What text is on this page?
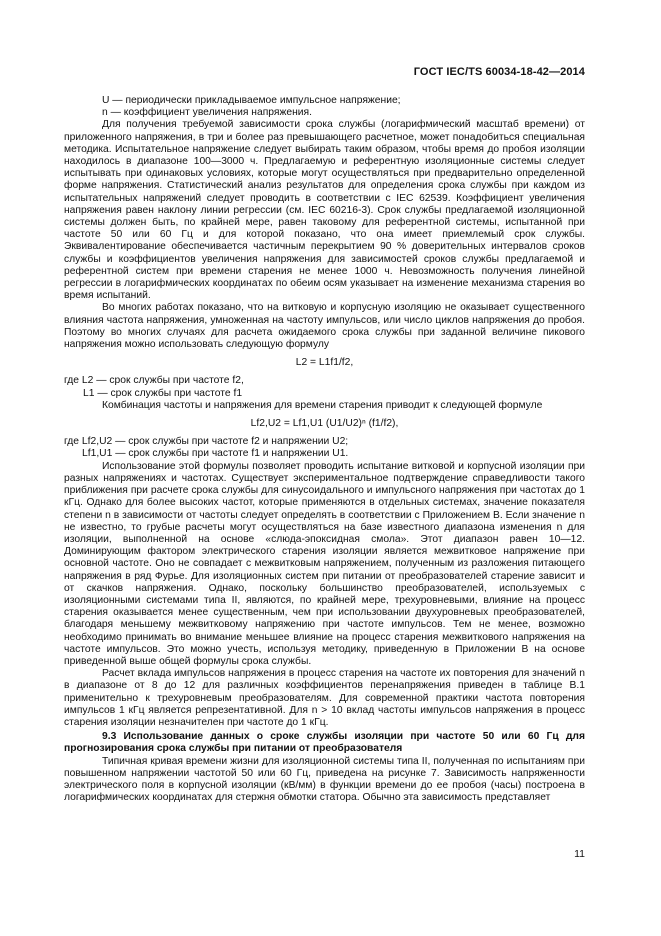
ГОСТ IEC/TS 60034-18-42—2014

U — периодически прикладываемое импульсное напряжение;

n — коэффициент увеличения напряжения.

Для получения требуемой зависимости срока службы (логарифмический масштаб времени) от приложенного напряжения, в три и более раз превышающего расчетное, может понадобиться специальная методика. Испытательное напряжение следует выбирать таким образом, чтобы время до пробоя изоляции находилось в диапазоне 100—3000 ч. Предлагаемую и референтную изоляционные системы следует испытывать при одинаковых условиях, которые могут осуществляться при предварительно определенной форме напряжения. Статистический анализ результатов для определения срока службы при каждом из испытательных напряжений следует проводить в соответствии с IEC 62539. Коэффициент увеличения напряжения равен наклону линии регрессии (см. IEC 60216-3). Срок службы предлагаемой изоляционной системы должен быть, по крайней мере, равен таковому для референтной системы, испытанной при частоте 50 или 60 Гц и для которой показано, что она имеет приемлемый срок службы. Эквивалентирование обеспечивается частичным перекрытием 90 % доверительных интервалов сроков службы и коэффициентов увеличения напряжения для зависимостей сроков службы предлагаемой и референтной систем при времени старения не менее 1000 ч. Невозможность получения линейной регрессии в логарифмических координатах по обеим осям указывает на изменение механизма старения во время испытаний.

Во многих работах показано, что на витковую и корпусную изоляцию не оказывает существенного влияния частота напряжения, умноженная на частоту импульсов, или число циклов напряжения до пробоя. Поэтому во многих случаях для расчета ожидаемого срока службы при заданной величине пикового напряжения можно использовать следующую формулу

L2 = L1f1/f2,

где L2 — срок службы при частоте f2,

L1 — срок службы при частоте f1

Комбинация частоты и напряжения для времени старения приводит к следующей формуле

Lf2,U2 = Lf1,U1 (U1/U2)ⁿ (f1/f2),

где Lf2,U2 — срок службы при частоте f2 и напряжении U2;

Lf1,U1 — срок службы при частоте f1 и напряжении U1.

Использование этой формулы позволяет проводить испытание витковой и корпусной изоляции при разных напряжениях и частотах. Существует экспериментальное подтверждение справедливости такого приближения при расчете срока службы для синусоидального и импульсного напряжения при частотах до 1 кГц. Однако для более высоких частот, которые применяются в отдельных системах, значение показателя степени n в зависимости от частоты следует определять в соответствии с Приложением В. Если значение n не известно, то грубые расчеты могут осуществляться на базе известного диапазона изменения n для изоляции, выполненной на основе «слюда-эпоксидная смола». Этот диапазон равен 10—12. Доминирующим фактором электрического старения изоляции является межвитковое напряжение при основной частоте. Оно не совпадает с межвитковым напряжением, полученным из разложения питающего напряжения в ряд Фурье. Для изоляционных систем при питании от преобразователей старение зависит и от скачков напряжения. Однако, поскольку большинство преобразователей, используемых с изоляционными системами типа II, являются, по крайней мере, трехуровневыми, влияние на процесс старения оказывается менее существенным, чем при использовании двухуровневых преобразователей, благодаря меньшему межвитковому напряжению при частоте импульсов. Тем не менее, возможно необходимо принимать во внимание меньшее влияние на процесс старения межвиткового напряжения на частоте импульсов. Это можно учесть, используя методику, приведенную в Приложении В на основе приведенной выше общей формулы срока службы.

Расчет вклада импульсов напряжения в процесс старения на частоте их повторения для значений n в диапазоне от 8 до 12 для различных коэффициентов перенапряжения приведен в таблице В.1 применительно к трехуровневым преобразователям. Для современной практики частота повторения импульсов 1 кГц является репрезентативной. Для n > 10 вклад частоты импульсов напряжения в процесс старения изоляции незначителен при частоте до 1 кГц.

9.3 Использование данных о сроке службы изоляции при частоте 50 или 60 Гц для прогнозирования срока службы при питании от преобразователя

Типичная кривая времени жизни для изоляционной системы типа II, полученная по испытаниям при повышенном напряжении частотой 50 или 60 Гц, приведена на рисунке 7. Зависимость напряженности электрического поля в корпусной изоляции (кВ/мм) в функции времени до ее пробоя (часы) построена в логарифмических координатах для стержня обмотки статора. Обычно эта зависимость представляет

11
